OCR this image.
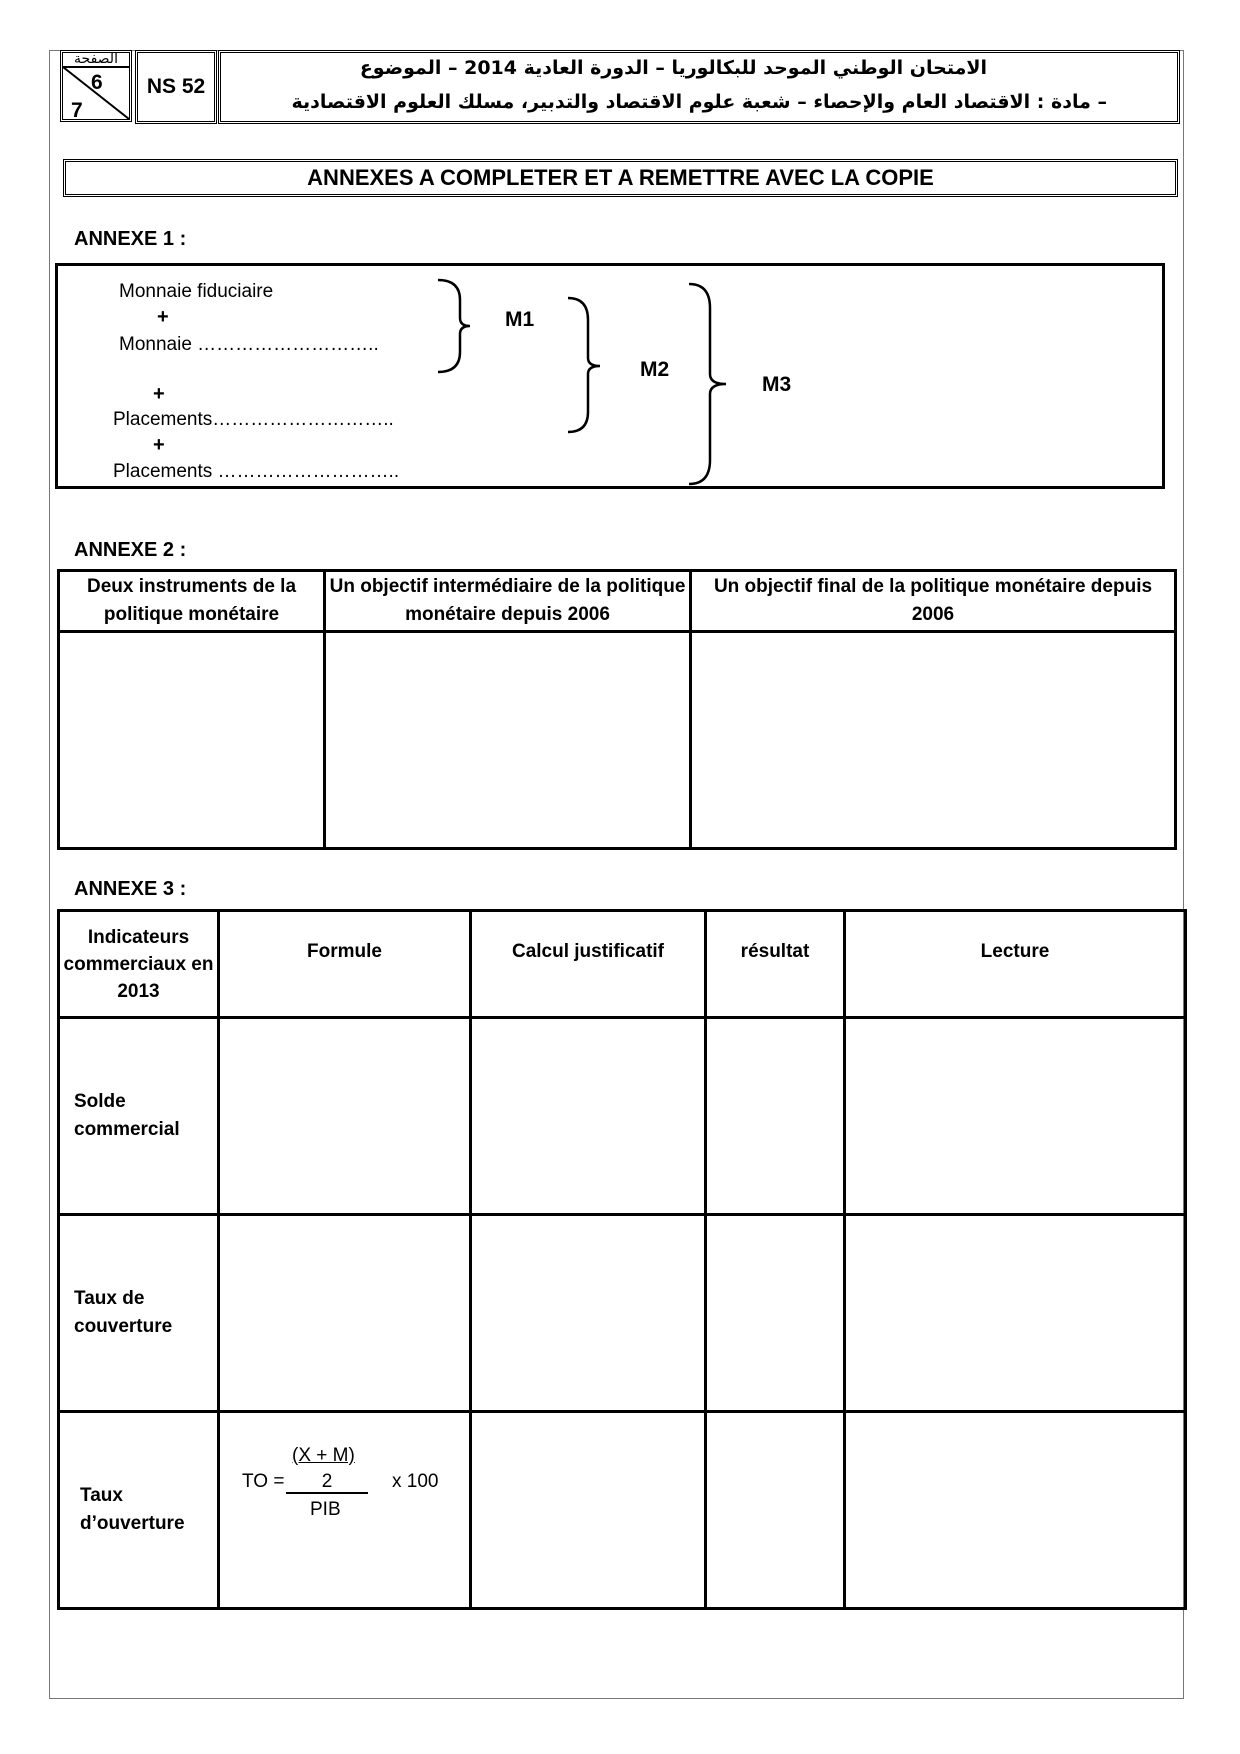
الصفحة
6
7
NS 52
الامتحان الوطني الموحد للبكالوريا – الدورة العادية 2014 – الموضوع
– مادة : الاقتصاد العام والإحصاء – شعبة علوم الاقتصاد والتدبير، مسلك العلوم الاقتصادية
ANNEXES A COMPLETER ET A REMETTRE AVEC LA COPIE
ANNEXE 1 :
Monnaie fiduciaire
+
Monnaie ………………………..
+
Placements………………………..
+
Placements ………………………..
M1
M2
M3
ANNEXE 2 :
Deux instruments de la politique monétaire	Un objectif intermédiaire de la politique monétaire depuis 2006	Un objectif final de la politique monétaire depuis 2006

ANNEXE 3 :
Indicateurs commerciaux en 2013	Formule	Calcul justificatif	résultat	Lecture
Solde commercial				
Taux de couverture				
Taux d’ouverture	(X + M)
TO = 2 x 100
PIB			
